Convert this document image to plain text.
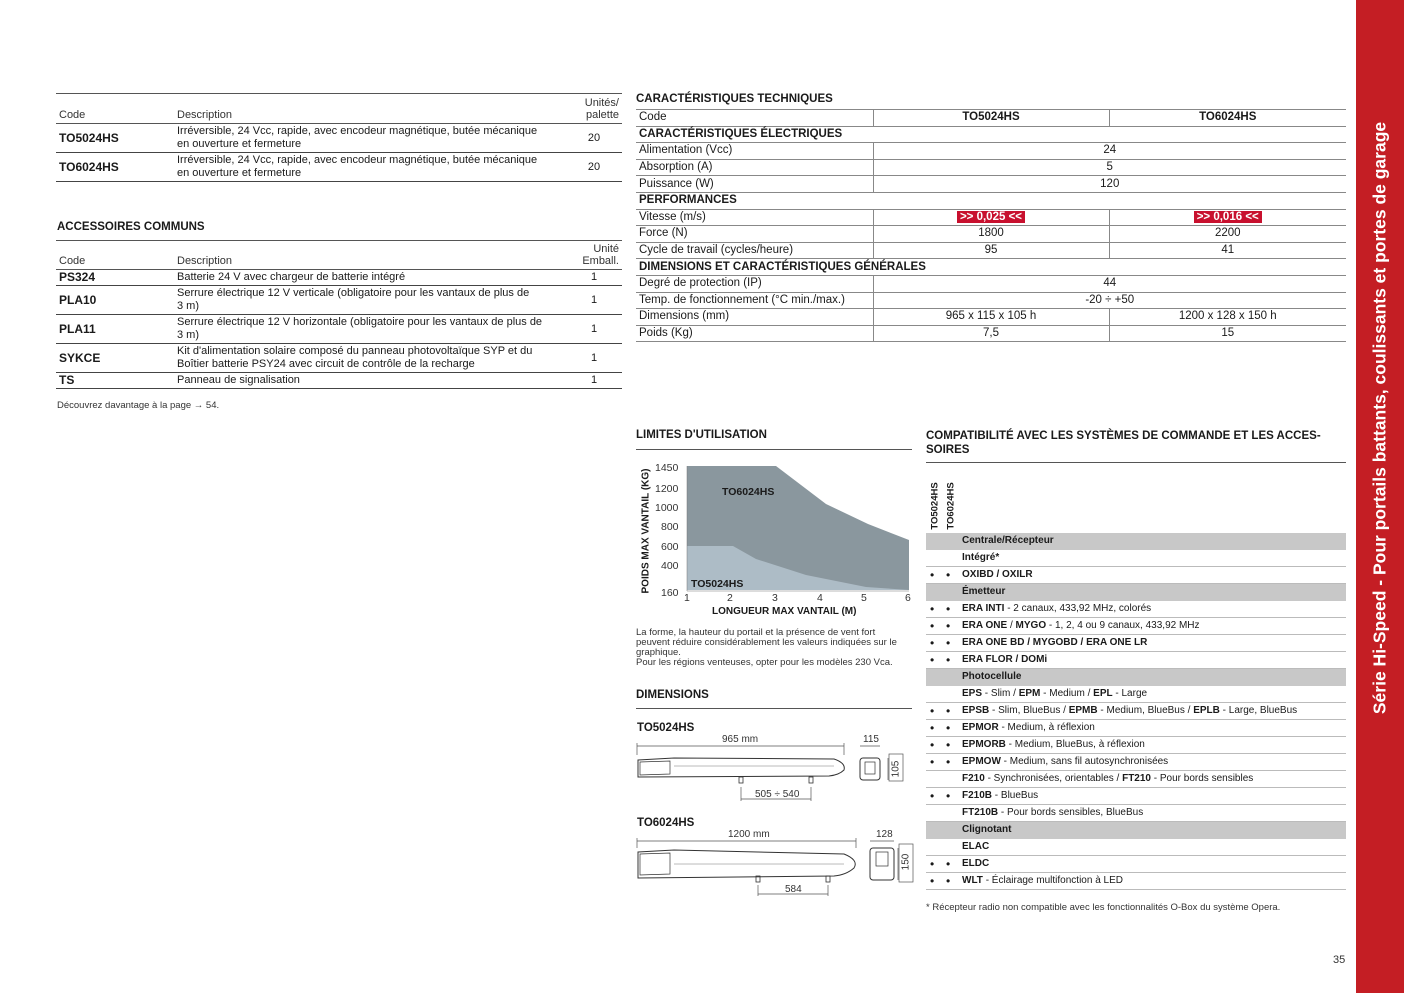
Code	Description	Unités/ palette
TO5024HS	Irréversible, 24 Vcc, rapide, avec encodeur magnétique, butée mécanique
en ouverture et fermeture	20
TO6024HS	Irréversible, 24 Vcc, rapide, avec encodeur magnétique, butée mécanique
en ouverture et fermeture	20
ACCESSOIRES COMMUNS
Code	Description	Unité Emball.
PS324	Batterie 24 V avec chargeur de batterie intégré	1
PLA10	Serrure électrique 12 V verticale (obligatoire pour les vantaux de plus de
3 m)	1
PLA11	Serrure électrique 12 V horizontale (obligatoire pour les vantaux de plus de
3 m)	1
SYKCE	Kit d'alimentation solaire composé du panneau photovoltaïque SYP et du
Boîtier batterie PSY24 avec circuit de contrôle de la recharge	1
TS	Panneau de signalisation	1
Découvrez davantage à la page → 54.
CARACTÉRISTIQUES TECHNIQUES
Code	TO5024HS	TO6024HS
CARACTÉRISTIQUES ÉLECTRIQUES		
Alimentation (Vcc)	24	
Absorption (A)	5	
Puissance (W)	120	
PERFORMANCES		
Vitesse (m/s)	>> 0,025 <<	>> 0,016 <<
Force (N)	1800	2200
Cycle de travail (cycles/heure)	95	41
DIMENSIONS ET CARACTÉRISTIQUES GÉNÉRALES		
Degré de protection (IP)	44	
Temp. de fonctionnement (°C min./max.)	-20 ÷ +50	
Dimensions (mm)	965 x 115 x 105 h	1200 x 128 x 150 h
Poids (Kg)	7,5	15
LIMITES D'UTILISATION
1450
1200
1000
800
600
400
160 1	2	3	4	5	6
TO6024HS
TO5024HS
POIDS MAX VANTAIL (KG)
LONGUEUR MAX VANTAIL (M)
La forme, la hauteur du portail et la présence de vent fort
peuvent réduire considérablement les valeurs indiquées sur le
graphique.
Pour les régions venteuses, opter pour les modèles 230 Vca.
DIMENSIONS
TO5024HS
965 mm	115
105
505 ÷ 540
TO6024HS
1200 mm	128
150
584
COMPATIBILITÉ AVEC LES SYSTÈMES DE COMMANDE ET LES ACCES-
SOIRES
TO5024HS TO6024HS
Centrale/Récepteur
Intégré*
• • OXIBD / OXILR
Émetteur
• • ERA INTI - 2 canaux, 433,92 MHz, colorés
• • ERA ONE / MYGO - 1, 2, 4 ou 9 canaux, 433,92 MHz
• • ERA ONE BD / MYGOBD / ERA ONE LR
• • ERA FLOR / DOMi
Photocellule
EPS - Slim / EPM - Medium / EPL - Large
• • EPSB - Slim, BlueBus / EPMB - Medium, BlueBus / EPLB - Large, BlueBus
• • EPMOR - Medium, à réflexion
• • EPMORB - Medium, BlueBus, à réflexion
• • EPMOW - Medium, sans fil autosynchronisées
F210 - Synchronisées, orientables / FT210 - Pour bords sensibles
• • F210B - BlueBus
FT210B - Pour bords sensibles, BlueBus
Clignotant
ELAC
• • ELDC
• • WLT - Éclairage multifonction à LED
* Récepteur radio non compatible avec les fonctionnalités O-Box du système Opera.
35
Série Hi-Speed - Pour portails battants, coulissants et portes de garage
